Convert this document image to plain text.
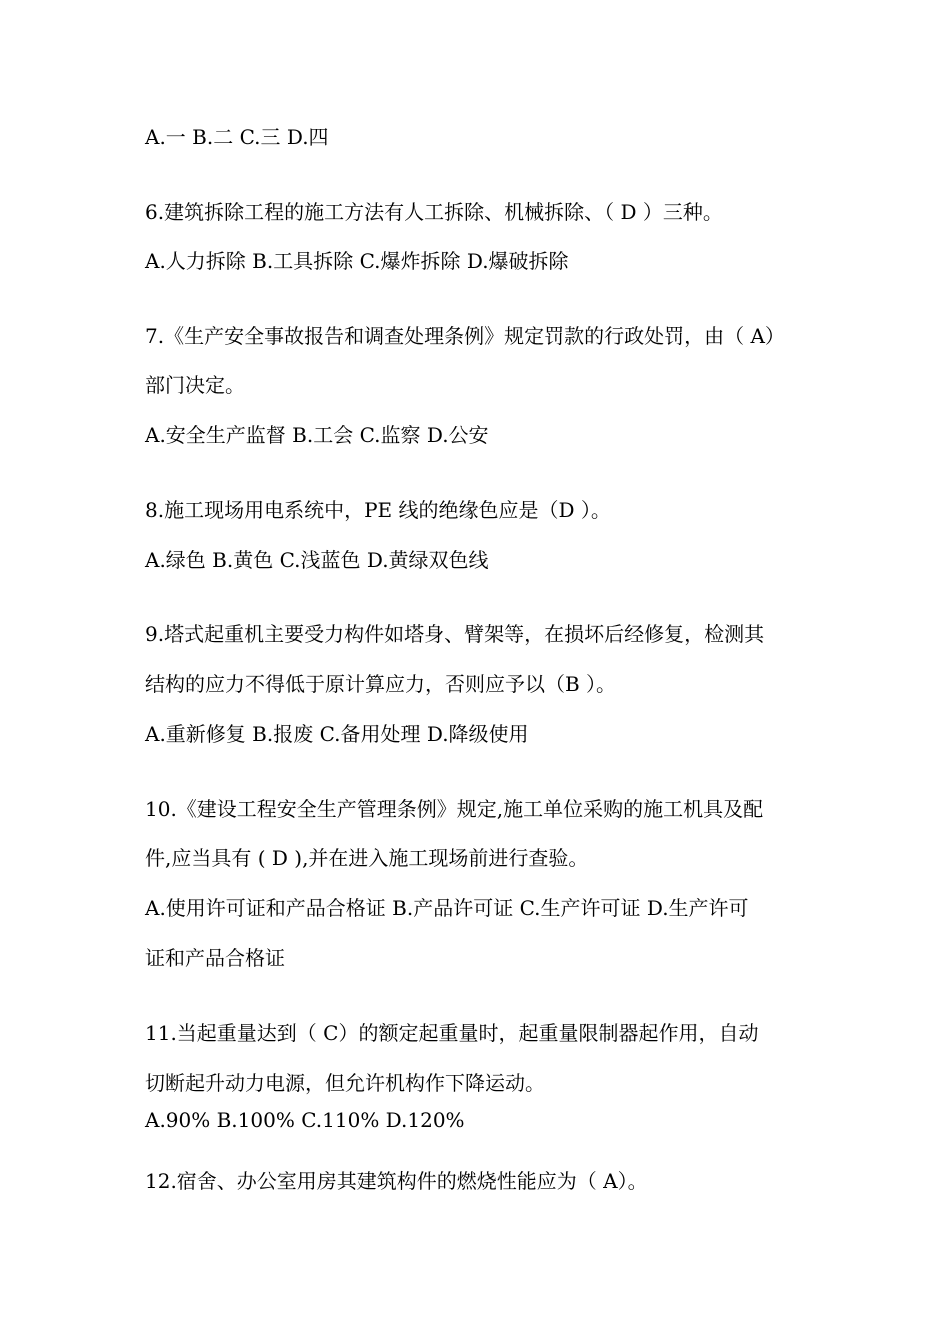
A.一 B.二 C.三 D.四
6.建筑拆除工程的施工方法有人工拆除、机械拆除、（ D ）三种。
A.人力拆除 B.工具拆除 C.爆炸拆除 D.爆破拆除
7.《生产安全事故报告和调查处理条例》规定罚款的行政处罚，由（ A）
部门决定。
A.安全生产监督 B.工会 C.监察 D.公安
8.施工现场用电系统中，PE 线的绝缘色应是（D ）。
A.绿色 B.黄色 C.浅蓝色 D.黄绿双色线
9.塔式起重机主要受力构件如塔身、臂架等，在损坏后经修复，检测其
结构的应力不得低于原计算应力，否则应予以（B ）。
A.重新修复 B.报废 C.备用处理 D.降级使用
10.《建设工程安全生产管理条例》规定,施工单位采购的施工机具及配
件,应当具有 ( D ),并在进入施工现场前进行查验。
A.使用许可证和产品合格证 B.产品许可证 C.生产许可证 D.生产许可
证和产品合格证
11.当起重量达到（ C）的额定起重量时，起重量限制器起作用，自动
切断起升动力电源，但允许机构作下降运动。
A.90% B.100% C.110% D.120%
12.宿舍、办公室用房其建筑构件的燃烧性能应为（ A）。
